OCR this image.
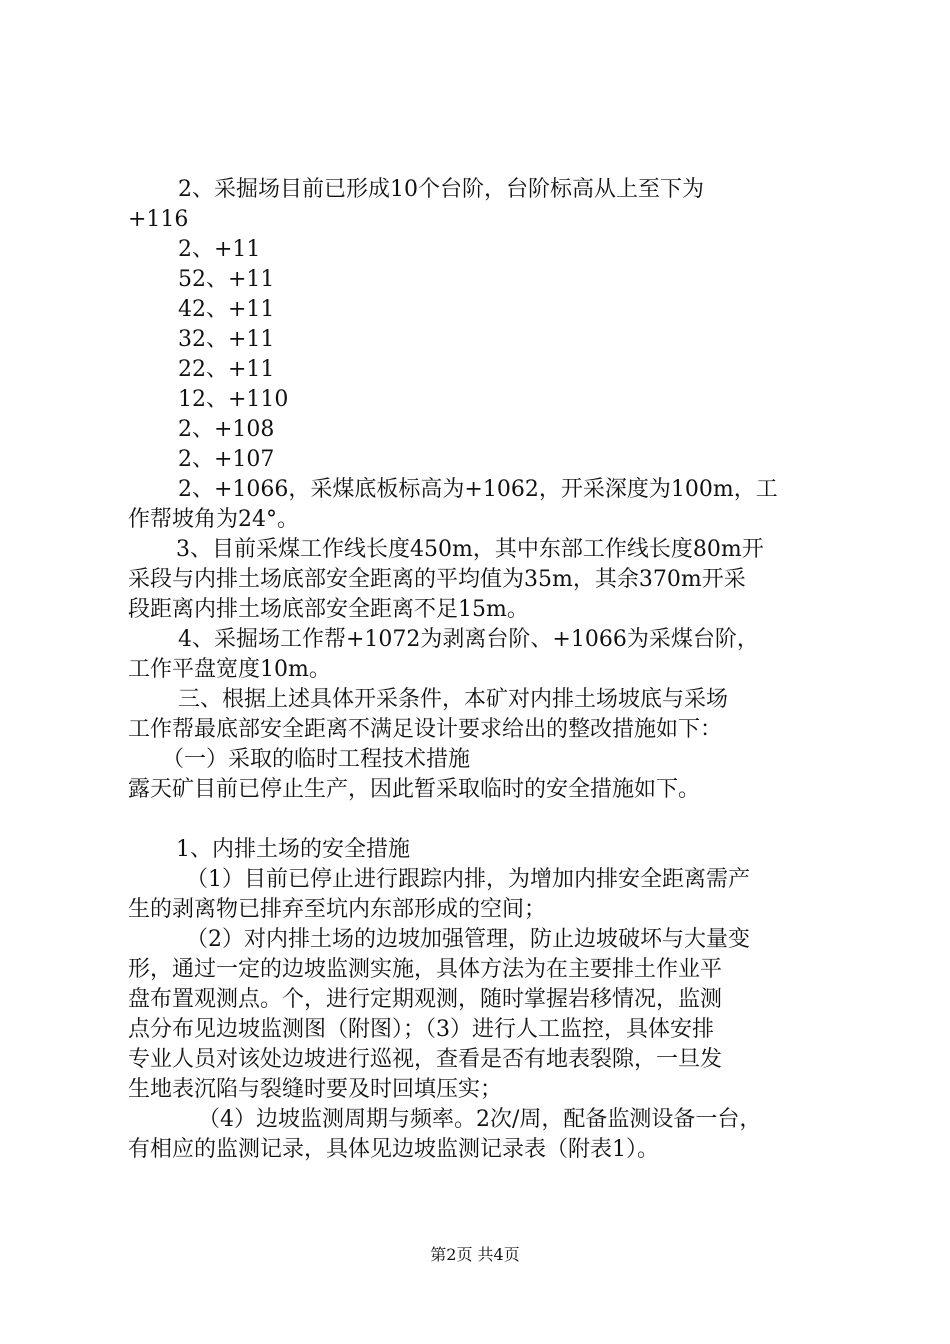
2、采掘场目前已形成10个台阶，台阶标高从上至下为
+116
2、+11
52、+11
42、+11
32、+11
22、+11
12、+110
2、+108
2、+107
2、+1066，采煤底板标高为+1062，开采深度为100m，工
作帮坡角为24°。
3、目前采煤工作线长度450m，其中东部工作线长度80m开
采段与内排土场底部安全距离的平均值为35m，其余370m开采
段距离内排土场底部安全距离不足15m。
4、采掘场工作帮+1072为剥离台阶、+1066为采煤台阶，
工作平盘宽度10m。
三、根据上述具体开采条件，本矿对内排土场坡底与采场
工作帮最底部安全距离不满足设计要求给出的整改措施如下：
（一）采取的临时工程技术措施
露天矿目前已停止生产，因此暂采取临时的安全措施如下。
1、内排土场的安全措施
（1）目前已停止进行跟踪内排，为增加内排安全距离需产
生的剥离物已排弃至坑内东部形成的空间；
（2）对内排土场的边坡加强管理，防止边坡破坏与大量变
形，通过一定的边坡监测实施，具体方法为在主要排土作业平
盘布置观测点。个，进行定期观测，随时掌握岩移情况，监测
点分布见边坡监测图（附图）；（3）进行人工监控，具体安排
专业人员对该处边坡进行巡视，查看是否有地表裂隙，一旦发
生地表沉陷与裂缝时要及时回填压实；
（4）边坡监测周期与频率。2次/周，配备监测设备一台，
有相应的监测记录，具体见边坡监测记录表（附表1）。
第2页 共4页
